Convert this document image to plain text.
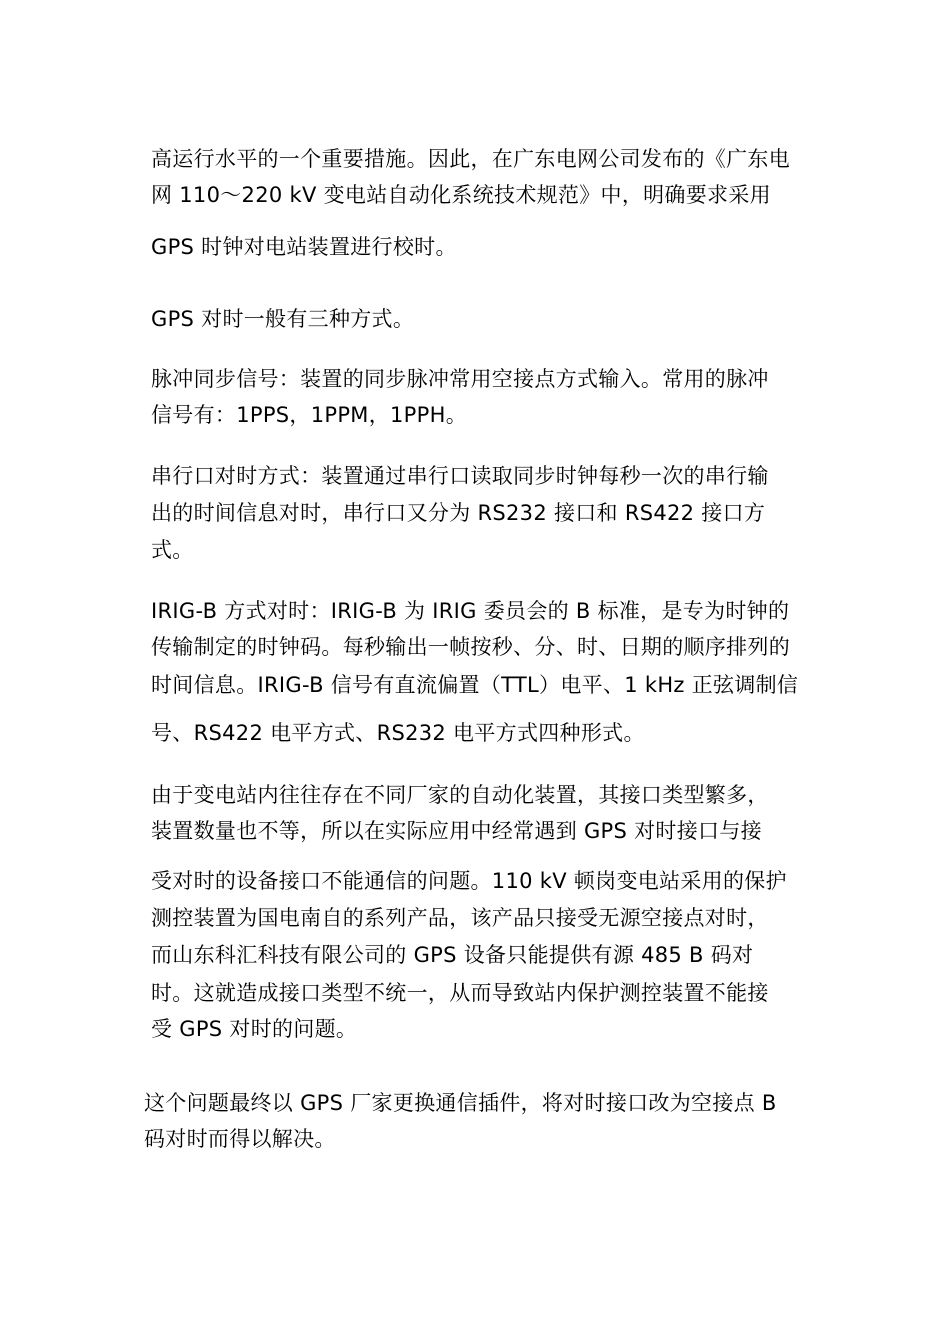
高运行水平的一个重要措施。因此，在广东电网公司发布的《广东电
网 110～220 kV 变电站自动化系统技术规范》中，明确要求采用
GPS 时钟对电站装置进行校时。
GPS 对时一般有三种方式。
脉冲同步信号：装置的同步脉冲常用空接点方式输入。常用的脉冲
信号有：1PPS，1PPM，1PPH。
串行口对时方式：装置通过串行口读取同步时钟每秒一次的串行输
出的时间信息对时，串行口又分为 RS232 接口和 RS422 接口方
式。
IRIG-B 方式对时：IRIG-B 为 IRIG 委员会的 B 标准，是专为时钟的
传输制定的时钟码。每秒输出一帧按秒、分、时、日期的顺序排列的
时间信息。IRIG-B 信号有直流偏置（TTL）电平、1 kHz 正弦调制信
号、RS422 电平方式、RS232 电平方式四种形式。
由于变电站内往往存在不同厂家的自动化装置，其接口类型繁多，
装置数量也不等，所以在实际应用中经常遇到 GPS 对时接口与接
受对时的设备接口不能通信的问题。110 kV 顿岗变电站采用的保护
测控装置为国电南自的系列产品，该产品只接受无源空接点对时，
而山东科汇科技有限公司的 GPS 设备只能提供有源 485 B 码对
时。这就造成接口类型不统一，从而导致站内保护测控装置不能接
受 GPS 对时的问题。
这个问题最终以 GPS 厂家更换通信插件，将对时接口改为空接点 B
码对时而得以解决。
